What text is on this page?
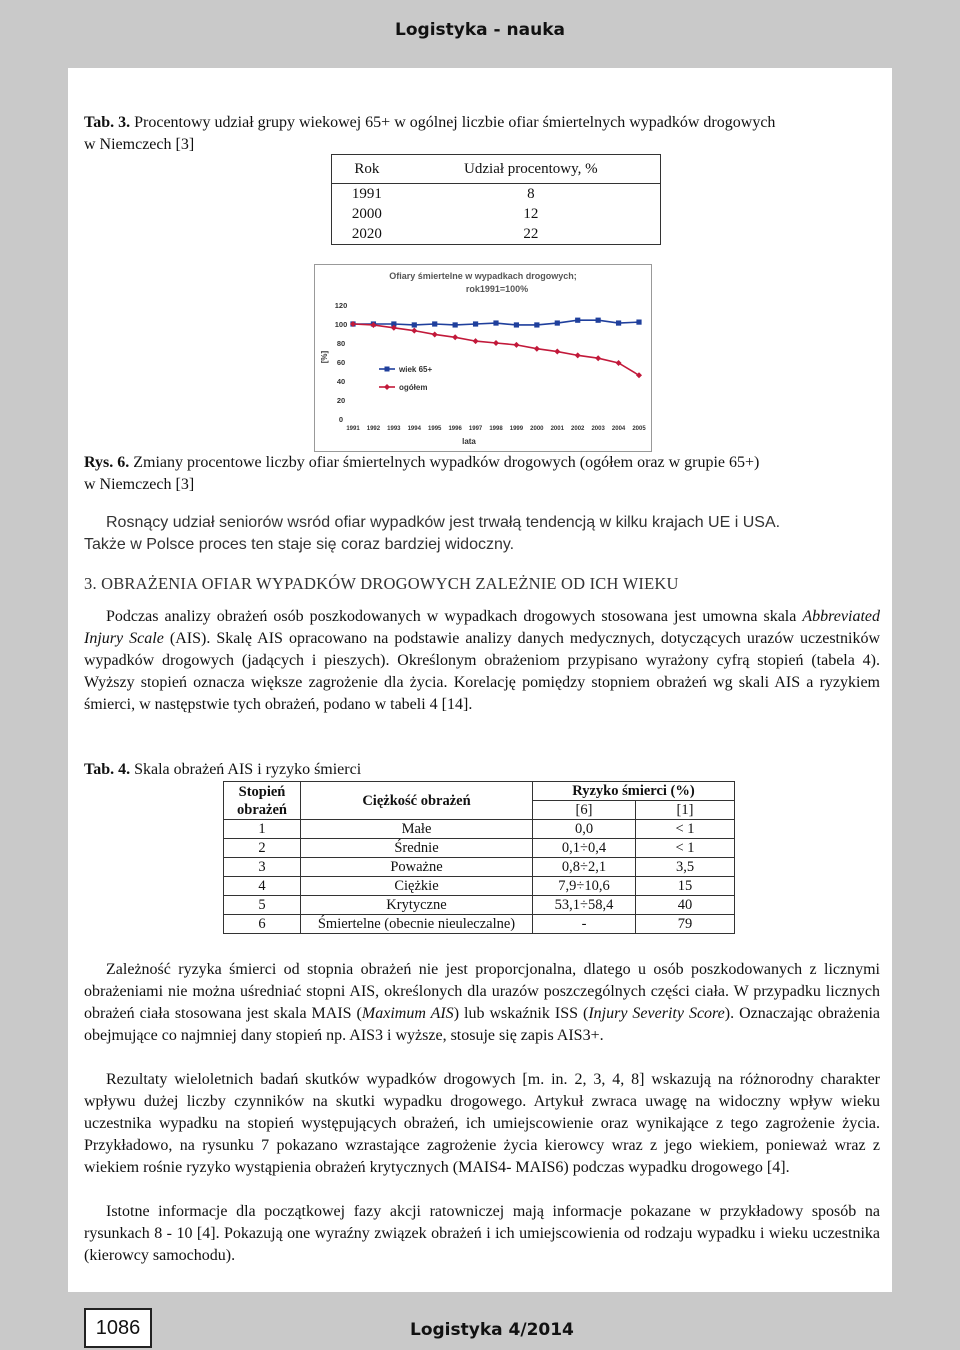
Logistyka - nauka
Tab. 3. Procentowy udział grupy wiekowej 65+ w ogólnej liczbie ofiar śmiertelnych wypadków drogowych
w Niemczech [3]
Rok	Udział procentowy, %
1991	8
2000	12
2020	22
Ofiary śmiertelne w wypadkach drogowych;
rok1991=100%
0
20
40
60
80
100
120
[%]
1991 1992 1993 1994 1995 1996 1997 1998 1999 2000 2001 2002 2003 2004 2005
lata
wiek 65+
ogółem
Rys. 6. Zmiany procentowe liczby ofiar śmiertelnych wypadków drogowych (ogółem oraz w grupie 65+)
w Niemczech [3]
Rosnący udział seniorów wsród ofiar wypadków jest trwałą tendencją w kilku krajach UE i USA.
Także w Polsce proces ten staje się coraz bardziej widoczny.
3. OBRAŻENIA OFIAR WYPADKÓW DROGOWYCH ZALEŻNIE OD ICH WIEKU
Podczas analizy obrażeń osób poszkodowanych w wypadkach drogowych stosowana jest umowna skala Abbreviated Injury Scale (AIS). Skalę AIS opracowano na podstawie analizy danych medycznych, dotyczących urazów uczestników wypadków drogowych (jadących i pieszych). Określonym obrażeniom przypisano wyrażony cyfrą stopień (tabela 4). Wyższy stopień oznacza większe zagrożenie dla życia. Korelację pomiędzy stopniem obrażeń wg skali AIS a ryzykiem śmierci, w następstwie tych obrażeń, podano w tabeli 4 [14].
Tab. 4. Skala obrażeń AIS i ryzyko śmierci
Stopień obrażeń	Ciężkość obrażeń	Ryzyko śmierci (%)	
		[6]	[1]
1	Małe	0,0	< 1
2	Średnie	0,1÷0,4	< 1
3	Poważne	0,8÷2,1	3,5
4	Ciężkie	7,9÷10,6	15
5	Krytyczne	53,1÷58,4	40
6	Śmiertelne (obecnie nieuleczalne)	-	79
Zależność ryzyka śmierci od stopnia obrażeń nie jest proporcjonalna, dlatego u osób poszkodowanych z licznymi obrażeniami nie można uśredniać stopni AIS, określonych dla urazów poszczególnych części ciała. W przypadku licznych obrażeń ciała stosowana jest skala MAIS (Maximum AIS) lub wskaźnik ISS (Injury Severity Score). Oznaczając obrażenia obejmujące co najmniej dany stopień np. AIS3 i wyższe, stosuje się zapis AIS3+.
Rezultaty wieloletnich badań skutków wypadków drogowych [m. in. 2, 3, 4, 8] wskazują na różnorodny charakter wpływu dużej liczby czynników na skutki wypadku drogowego. Artykuł zwraca uwagę na widoczny wpływ wieku uczestnika wypadku na stopień występujących obrażeń, ich umiejscowienie oraz wynikające z tego zagrożenie życia. Przykładowo, na rysunku 7 pokazano wzrastające zagrożenie życia kierowcy wraz z jego wiekiem, ponieważ wraz z wiekiem rośnie ryzyko wystąpienia obrażeń krytycznych (MAIS4- MAIS6) podczas wypadku drogowego [4].
Istotne informacje dla początkowej fazy akcji ratowniczej mają informacje pokazane w przykładowy sposób na rysunkach 8 - 10 [4]. Pokazują one wyraźny związek obrażeń i ich umiejscowienia od rodzaju wypadku i wieku uczestnika (kierowcy samochodu).
1086	Logistyka 4/2014
